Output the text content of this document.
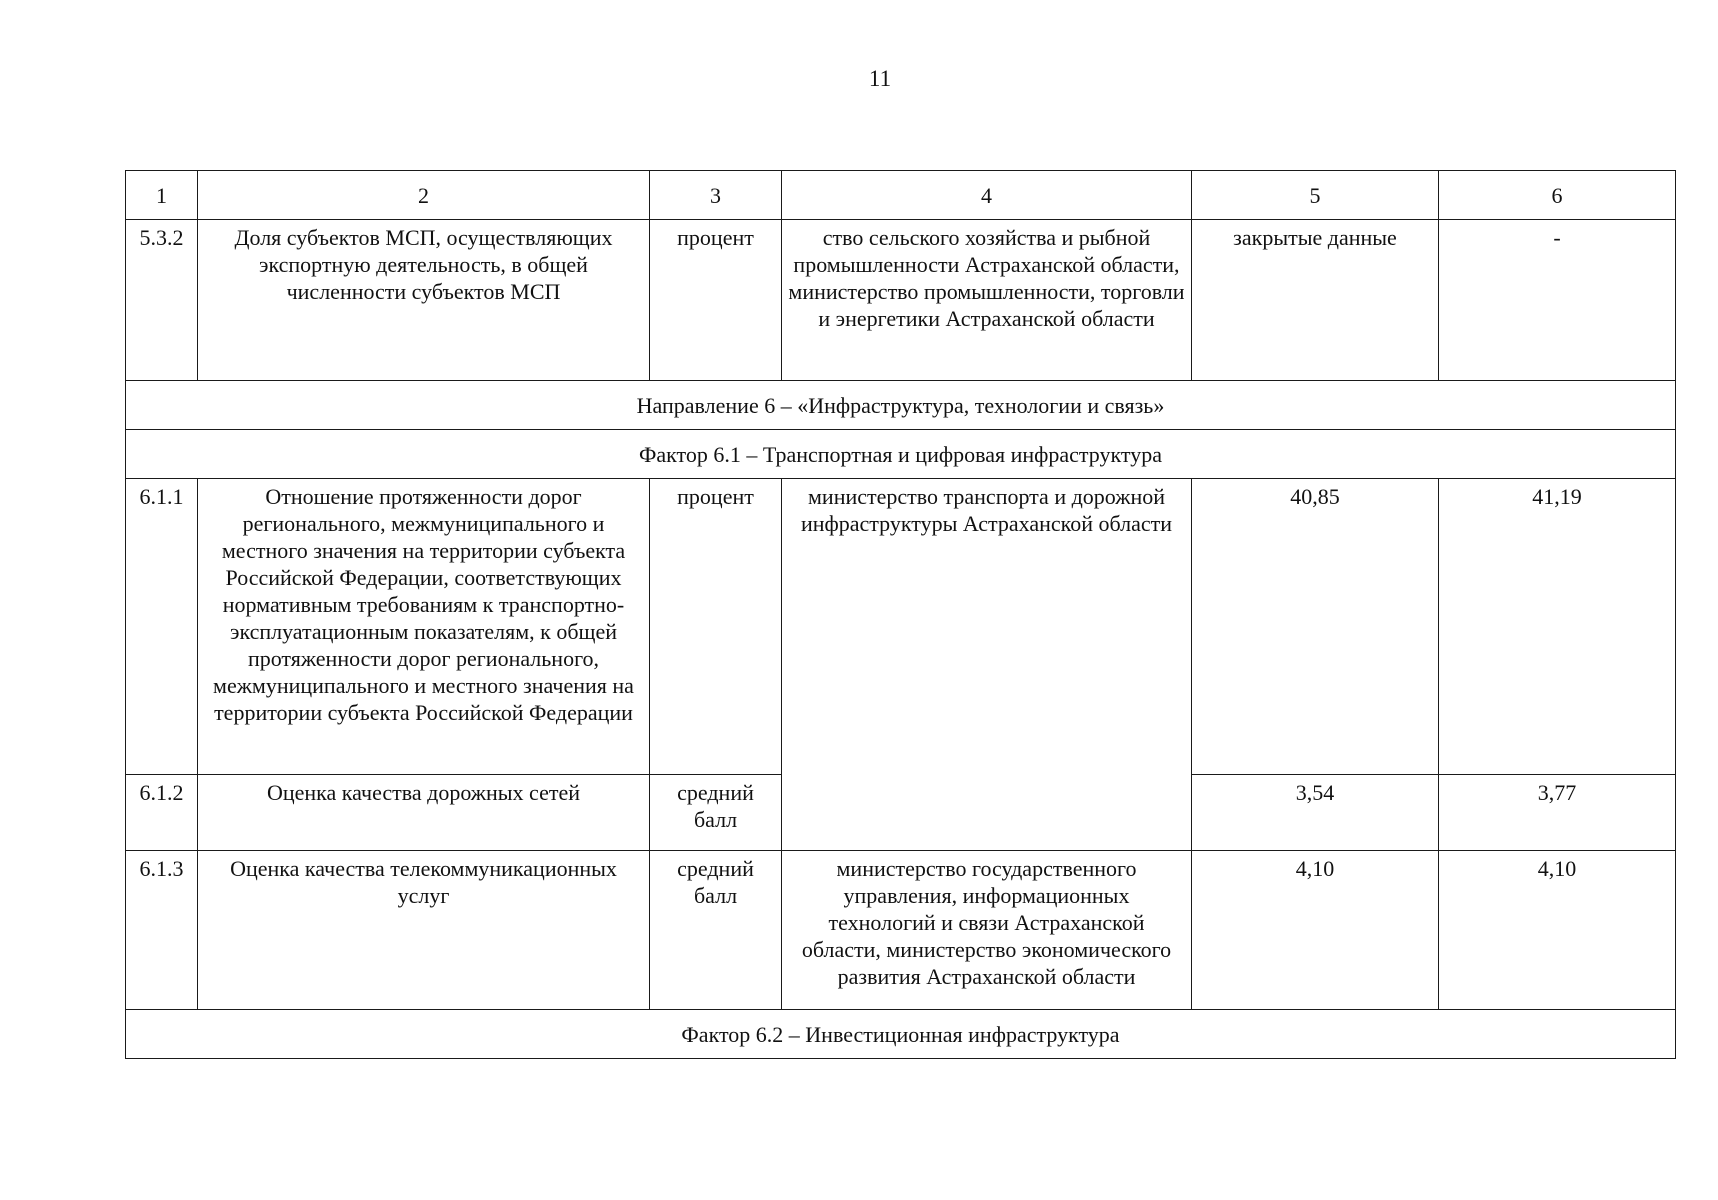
11
1	2	3	4	5	6
5.3.2	Доля субъектов МСП, осуществляющих экспортную деятельность, в общей численности субъектов МСП	процент	ство сельского хозяйства и рыбной промышленности Астраханской области, министерство промышленности, торговли и энергетики Астраханской области	закрытые данные	-
Направление 6 – «Инфраструктура, технологии и связь»					
Фактор 6.1 – Транспортная и цифровая инфраструктура					
6.1.1	Отношение протяженности дорог регионального, межмуниципального и местного значения на территории субъекта Российской Федерации, соответствующих нормативным требованиям к транспортно-эксплуатационным показателям, к общей протяженности дорог регионального, межмуниципального и местного значения на территории субъекта Российской Федерации	процент	министерство транспорта и дорожной инфраструктуры Астраханской области	40,85	41,19
6.1.2	Оценка качества дорожных сетей	средний балл		3,54	3,77
6.1.3	Оценка качества телекоммуникационных услуг	средний балл	министерство государственного управления, информационных технологий и связи Астраханской области, министерство экономического развития Астраханской области	4,10	4,10
Фактор 6.2 – Инвестиционная инфраструктура					
